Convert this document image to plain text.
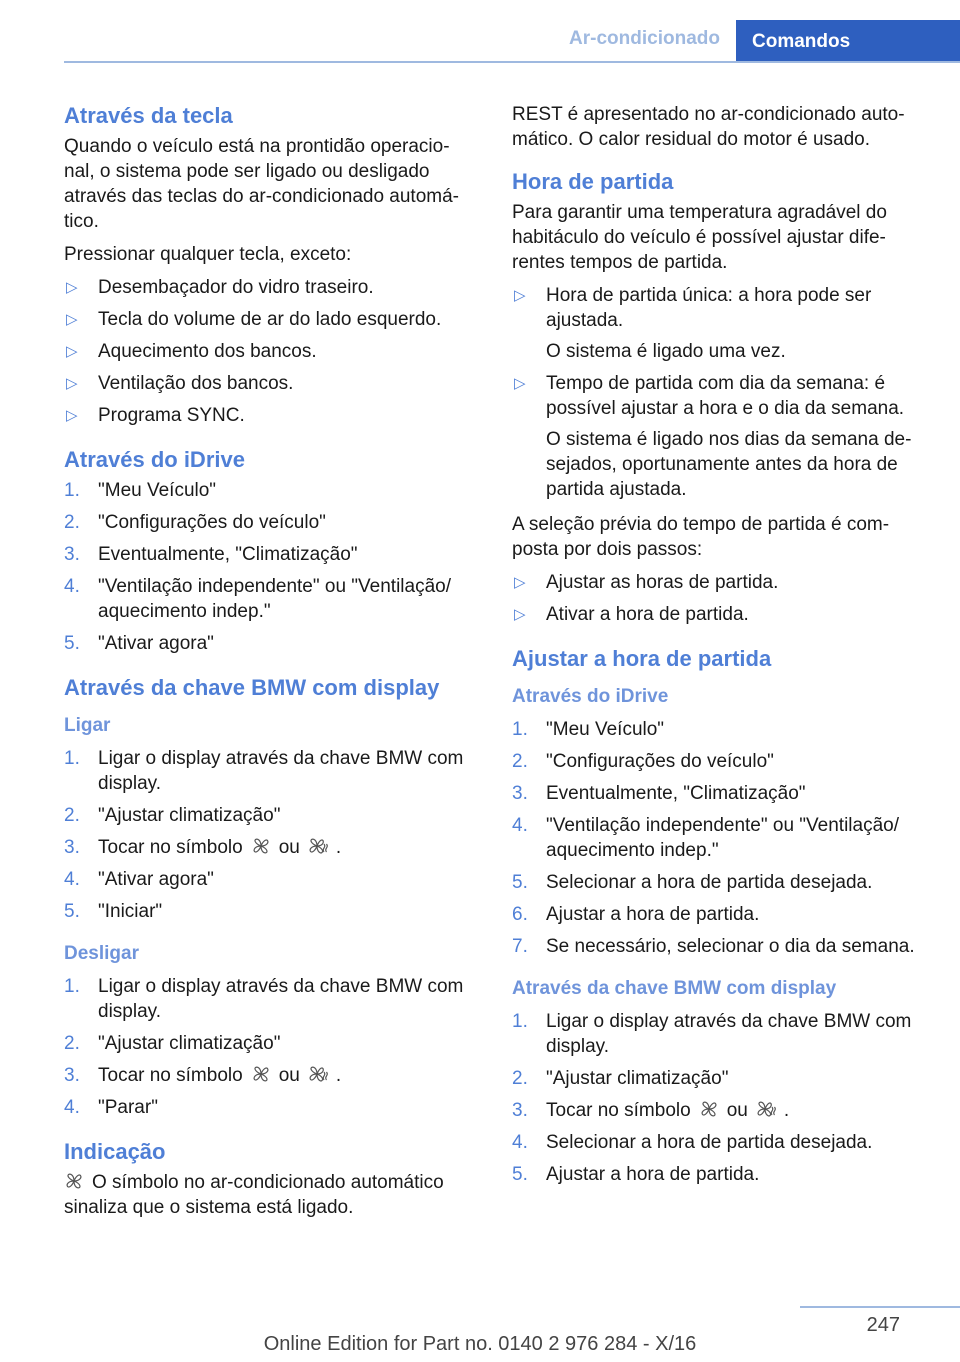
Ar-condicionado	Comandos
Através da tecla

Quando o veículo está na prontidão operacio-nal, o sistema pode ser ligado ou desligado através das teclas do ar-condicionado automá-tico.

Pressionar qualquer tecla, exceto:

▷ Desembaçador do vidro traseiro.
▷ Tecla do volume de ar do lado esquerdo.
▷ Aquecimento dos bancos.
▷ Ventilação dos bancos.
▷ Programa SYNC.
Através do iDrive
1. "Meu Veículo"
2. "Configurações do veículo"
3. Eventualmente, "Climatização"
4. "Ventilação independente" ou "Ventilação/ aquecimento indep."
5. "Ativar agora"
Através da chave BMW com display
Ligar
1. Ligar o display através da chave BMW com display.
2. "Ajustar climatização"
3. Tocar no símbolo ou .
4. "Ativar agora"
5. "Iniciar"
Desligar
1. Ligar o display através da chave BMW com display.
2. "Ajustar climatização"
3. Tocar no símbolo ou .
4. "Parar"
Indicação

O símbolo no ar-condicionado automático sinaliza que o sistema está ligado.

REST é apresentado no ar-condicionado auto-mático. O calor residual do motor é usado.

Hora de partida

Para garantir uma temperatura agradável do habitáculo do veículo é possível ajustar dife-rentes tempos de partida.

▷ Hora de partida única: a hora pode ser ajustada.
O sistema é ligado uma vez.
▷ Tempo de partida com dia da semana: é possível ajustar a hora e o dia da semana.
O sistema é ligado nos dias da semana de-sejados, oportunamente antes da hora de partida ajustada.

A seleção prévia do tempo de partida é com-posta por dois passos:

▷ Ajustar as horas de partida.
▷ Ativar a hora de partida.
Ajustar a hora de partida
Através do iDrive
1. "Meu Veículo"
2. "Configurações do veículo"
3. Eventualmente, "Climatização"
4. "Ventilação independente" ou "Ventilação/ aquecimento indep."
5. Selecionar a hora de partida desejada.
6. Ajustar a hora de partida.
7. Se necessário, selecionar o dia da semana.
Através da chave BMW com display
1. Ligar o display através da chave BMW com display.
2. "Ajustar climatização"
3. Tocar no símbolo ou .
4. Selecionar a hora de partida desejada.
5. Ajustar a hora de partida.
247
Online Edition for Part no. 0140 2 976 284 - X/16
